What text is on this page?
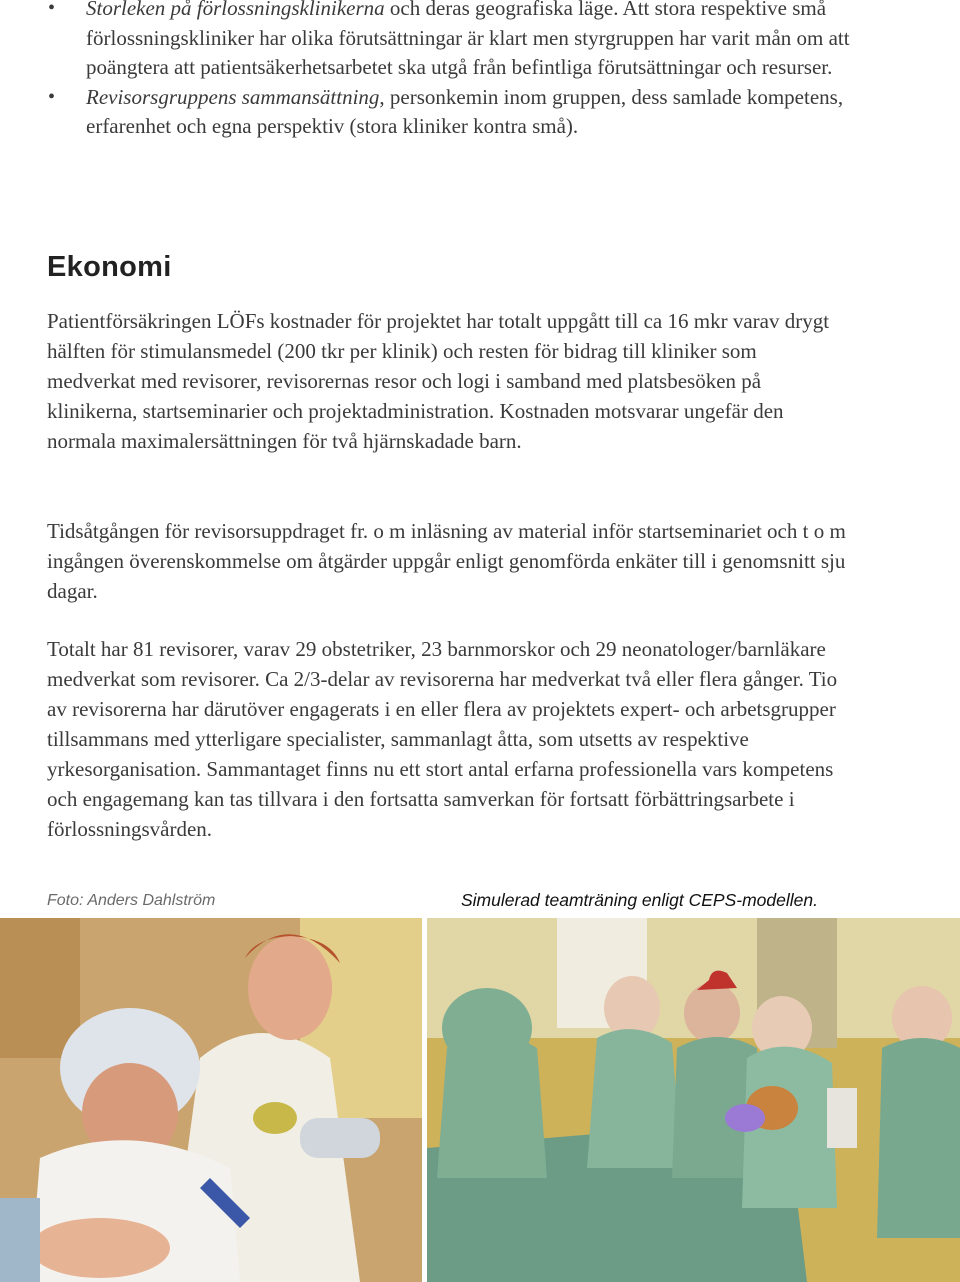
• Storleken på förlossningsklinikerna och deras geografiska läge. Att stora respektive små förlossningskliniker har olika förutsättningar är klart men styrgruppen har varit mån om att poängtera att patientsäkerhetsarbetet ska utgå från befintliga förutsättningar och resurser.
• Revisorsgruppens sammansättning, personkemin inom gruppen, dess samlade kompetens, erfarenhet och egna perspektiv (stora kliniker kontra små).
Ekonomi

Patientförsäkringen LÖFs kostnader för projektet har totalt uppgått till ca 16 mkr varav drygt hälften för stimulansmedel (200 tkr per klinik) och resten för bidrag till kliniker som medverkat med revisorer, revisorernas resor och logi i samband med platsbesöken på klinikerna, startseminarier och projektadministration. Kostnaden motsvarar ungefär den normala maximalersättningen för två hjärnskadade barn.

Tidsåtgången för revisorsuppdraget fr. o m inläsning av material inför startseminariet och t o m ingången överenskommelse om åtgärder uppgår enligt genomförda enkäter till i genomsnitt sju dagar.

Totalt har 81 revisorer, varav 29 obstetriker, 23 barnmorskor och 29 neonatologer/barnläkare medverkat som revisorer. Ca 2/3-delar av revisorerna har medverkat två eller flera gånger. Tio av revisorerna har därutöver engagerats i en eller flera av projektets expert- och arbetsgrupper tillsammans med ytterligare specialister, sammanlagt åtta, som utsetts av respektive yrkesorganisation. Sammantaget finns nu ett stort antal erfarna professionella vars kompetens och engagemang kan tas tillvara i den fortsatta samverkan för fortsatt förbättringsarbete i förlossningsvården.

Foto: Anders Dahlström	Simulerad teamträning enligt CEPS-modellen.
